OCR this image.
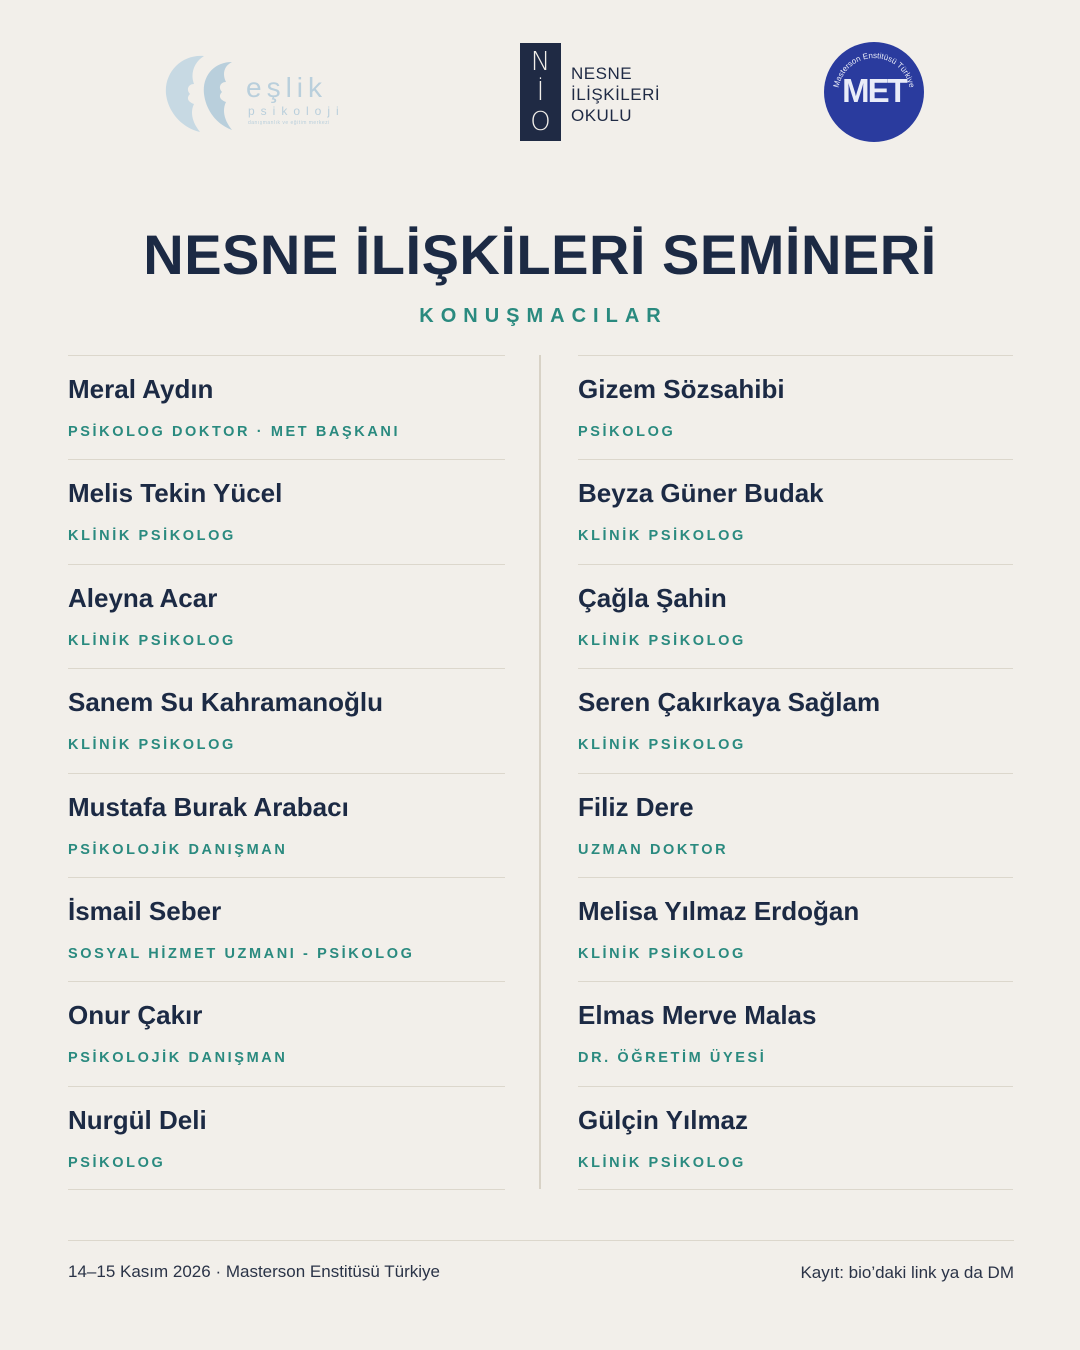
eşlik
psikoloji
danışmanlık ve eğitim merkezi
N
İ
O
NESNE
İLİŞKİLERİ
OKULU
Masterson Enstitüsü Türkiye
MET
NESNE İLİŞKİLERİ SEMİNERİ
KONUŞMACILAR
Meral Aydın
PSİKOLOG DOKTOR · MET BAŞKANI
Melis Tekin Yücel
KLİNİK PSİKOLOG
Aleyna Acar
KLİNİK PSİKOLOG
Sanem Su Kahramanoğlu
KLİNİK PSİKOLOG
Mustafa Burak Arabacı
PSİKOLOJİK DANIŞMAN
İsmail Seber
SOSYAL HİZMET UZMANI - PSİKOLOG
Onur Çakır
PSİKOLOJİK DANIŞMAN
Nurgül Deli
PSİKOLOG
Gizem Sözsahibi
PSİKOLOG
Beyza Güner Budak
KLİNİK PSİKOLOG
Çağla Şahin
KLİNİK PSİKOLOG
Seren Çakırkaya Sağlam
KLİNİK PSİKOLOG
Filiz Dere
UZMAN DOKTOR
Melisa Yılmaz Erdoğan
KLİNİK PSİKOLOG
Elmas Merve Malas
DR. ÖĞRETİM ÜYESİ
Gülçin Yılmaz
KLİNİK PSİKOLOG
14–15 Kasım 2026 · Masterson Enstitüsü Türkiye	Kayıt: bio’daki link ya da DM
